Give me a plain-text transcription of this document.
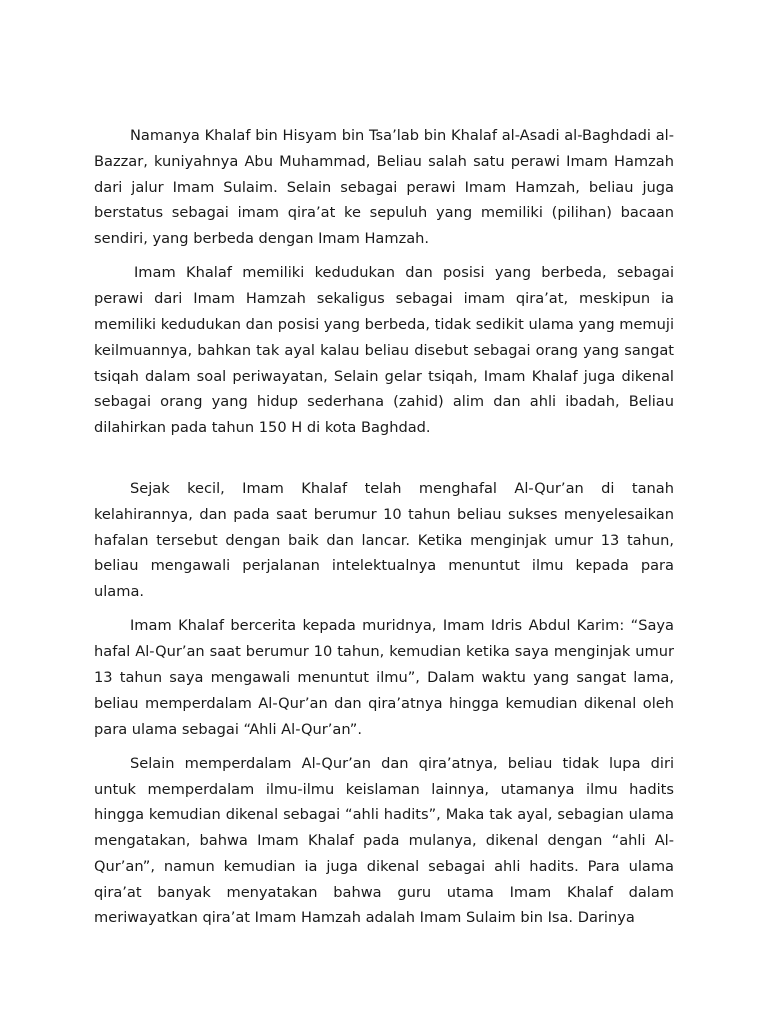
Namanya Khalaf bin Hisyam bin Tsa’lab bin Khalaf al-Asadi al-Baghdadi al-Bazzar, kuniyahnya Abu Muhammad, Beliau salah satu perawi Imam Hamzah dari jalur Imam Sulaim. Selain sebagai perawi Imam Hamzah, beliau juga berstatus sebagai imam qira’at ke sepuluh yang memiliki (pilihan) bacaan sendiri, yang berbeda dengan Imam Hamzah.

Imam Khalaf memiliki kedudukan dan posisi yang berbeda, sebagai perawi dari Imam Hamzah sekaligus sebagai imam qira’at, meskipun ia memiliki kedudukan dan posisi yang berbeda, tidak sedikit ulama yang memuji keilmuannya, bahkan tak ayal kalau beliau disebut sebagai orang yang sangat tsiqah dalam soal periwayatan, Selain gelar tsiqah, Imam Khalaf juga dikenal sebagai orang yang hidup sederhana (zahid) alim dan ahli ibadah, Beliau dilahirkan pada tahun 150 H di kota Baghdad.

Sejak kecil, Imam Khalaf telah menghafal Al-Qur’an di tanah kelahirannya, dan pada saat berumur 10 tahun beliau sukses menyelesaikan hafalan tersebut dengan baik dan lancar. Ketika menginjak umur 13 tahun, beliau mengawali perjalanan intelektualnya menuntut ilmu kepada para ulama.

Imam Khalaf bercerita kepada muridnya, Imam Idris Abdul Karim: “Saya hafal Al-Qur’an saat berumur 10 tahun, kemudian ketika saya menginjak umur 13 tahun saya mengawali menuntut ilmu”, Dalam waktu yang sangat lama, beliau memperdalam Al-Qur’an dan qira’atnya hingga kemudian dikenal oleh para ulama sebagai “Ahli Al-Qur’an”.

Selain memperdalam Al-Qur’an dan qira’atnya, beliau tidak lupa diri untuk memperdalam ilmu-ilmu keislaman lainnya, utamanya ilmu hadits hingga kemudian dikenal sebagai “ahli hadits”, Maka tak ayal, sebagian ulama mengatakan, bahwa Imam Khalaf pada mulanya, dikenal dengan “ahli Al-Qur’an”, namun kemudian ia juga dikenal sebagai ahli hadits. Para ulama qira’at banyak menyatakan bahwa guru utama Imam Khalaf dalam meriwayatkan qira’at Imam Hamzah adalah Imam Sulaim bin Isa. Darinya
